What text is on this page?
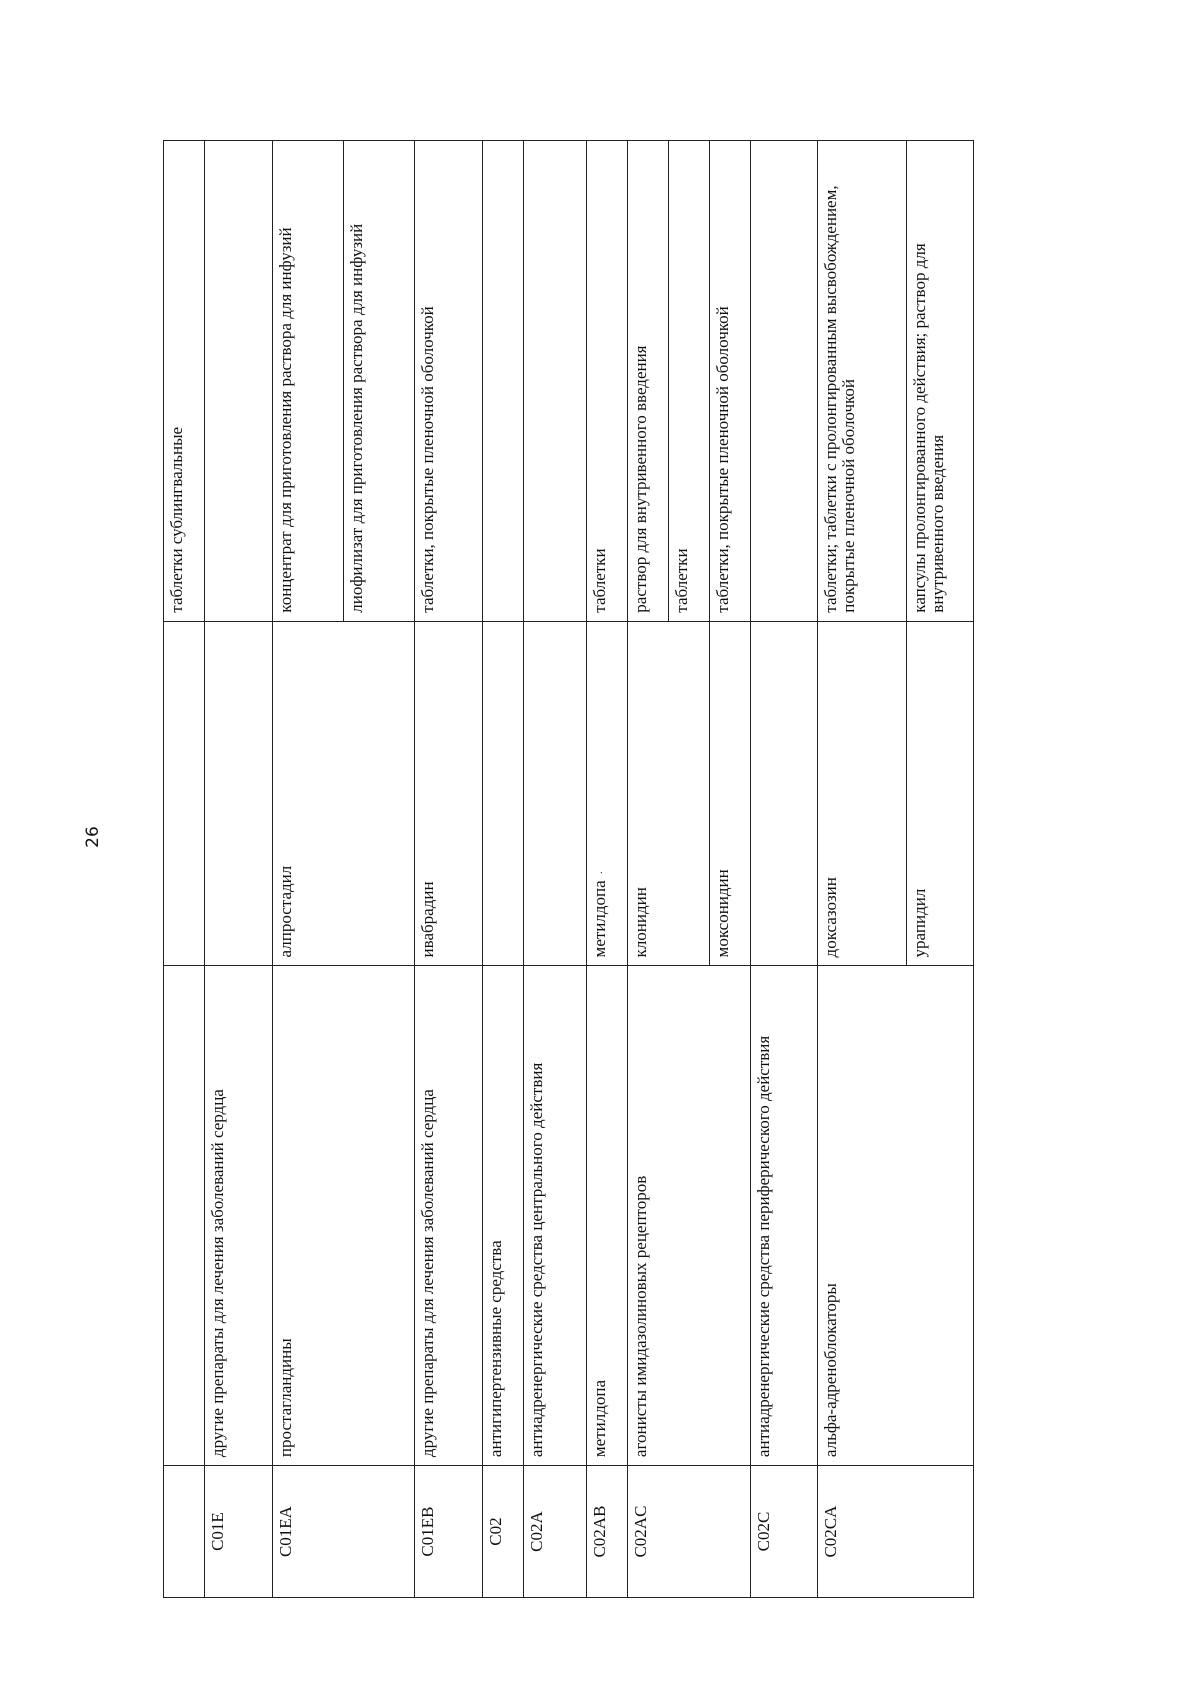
26
			таблетки сублингвальные
C01E	другие препараты для лечения заболеваний сердца		
C01EA	простагландины	алпростадил	концентрат для приготовления раствора для инфузий
			лиофилизат для приготовления раствора для инфузий
C01EB	другие препараты для лечения заболеваний сердца	ивабрадин	таблетки, покрытые пленочной оболочкой
C02	антигипертензивные средства		
C02A	антиадренергические средства центрального действия		
C02AB	метилдопа	метилдопа·	таблетки
C02AC	агонисты имидазолиновых рецепторов	клонидин	раствор для внутривенного введения
			таблетки
		моксонидин	таблетки, покрытые пленочной оболочкой
C02C	антиадренергические средства периферического действия		
C02CA	альфа-адреноблокаторы	доксазозин	таблетки; таблетки с пролонгированным высвобождением, покрытые пленочной оболочкой
		урапидил	капсулы пролонгированного действия; раствор для внутривенного введения
